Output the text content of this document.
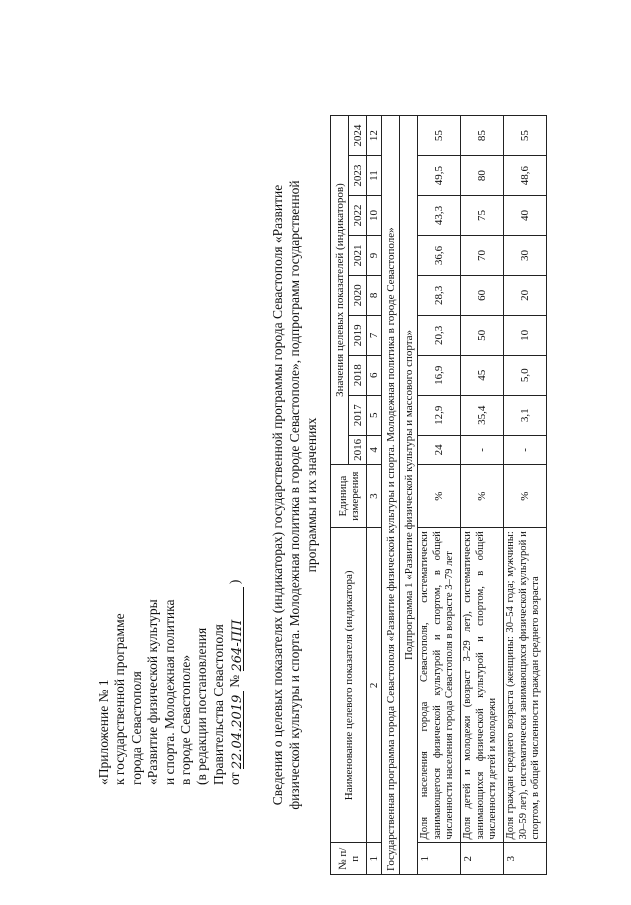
«Приложение № 1 к государственной программе города Севастополя «Развитие физической культуры и спорта. Молодежная политика в городе Севастополе» (в редакции постановления Правительства Севастополя от 22.04.2019 № 264-ПП ) Сведения о целевых показателях (индикаторах) государственной программы города Севастополя «Развитие физической культуры и спорта. Молодежная политика в городе Севастополе», подпрограмм государственной программы и их значениях
№ п/п	Наименование целевого показателя (индикатора)	Единица измерения	Значения целевых показателей (индикаторов)								
			2016	2017	2018	2019	2020	2021	2022	2023	2024
1	2	3	4	5	6	7	8	9	10	11	12
Государственная программа города Севастополя «Развитие физической культуры и спорта. Молодежная политика в городе Севастополе»											
Подпрограмма 1 «Развитие физической культуры и массового спорта»											
1	Доля населения города Севастополя, систематически занимающегося физической культурой и спортом, в общей численности населения города Севастополя в возрасте 3–79 лет	%	24	12,9	16,9	20,3	28,3	36,6	43,3	49,5	55
2	Доля детей и молодежи (возраст 3–29 лет), систематически занимающихся физической культурой и спортом, в общей численности детей и молодежи	%	-	35,4	45	50	60	70	75	80	85
3	Доля граждан среднего возраста (женщины: 30–54 года; мужчины: 30–59 лет), систематически занимающихся физической культурой и спортом, в общей численности граждан среднего возраста	%	-	3,1	5,0	10	20	30	40	48,6	55
